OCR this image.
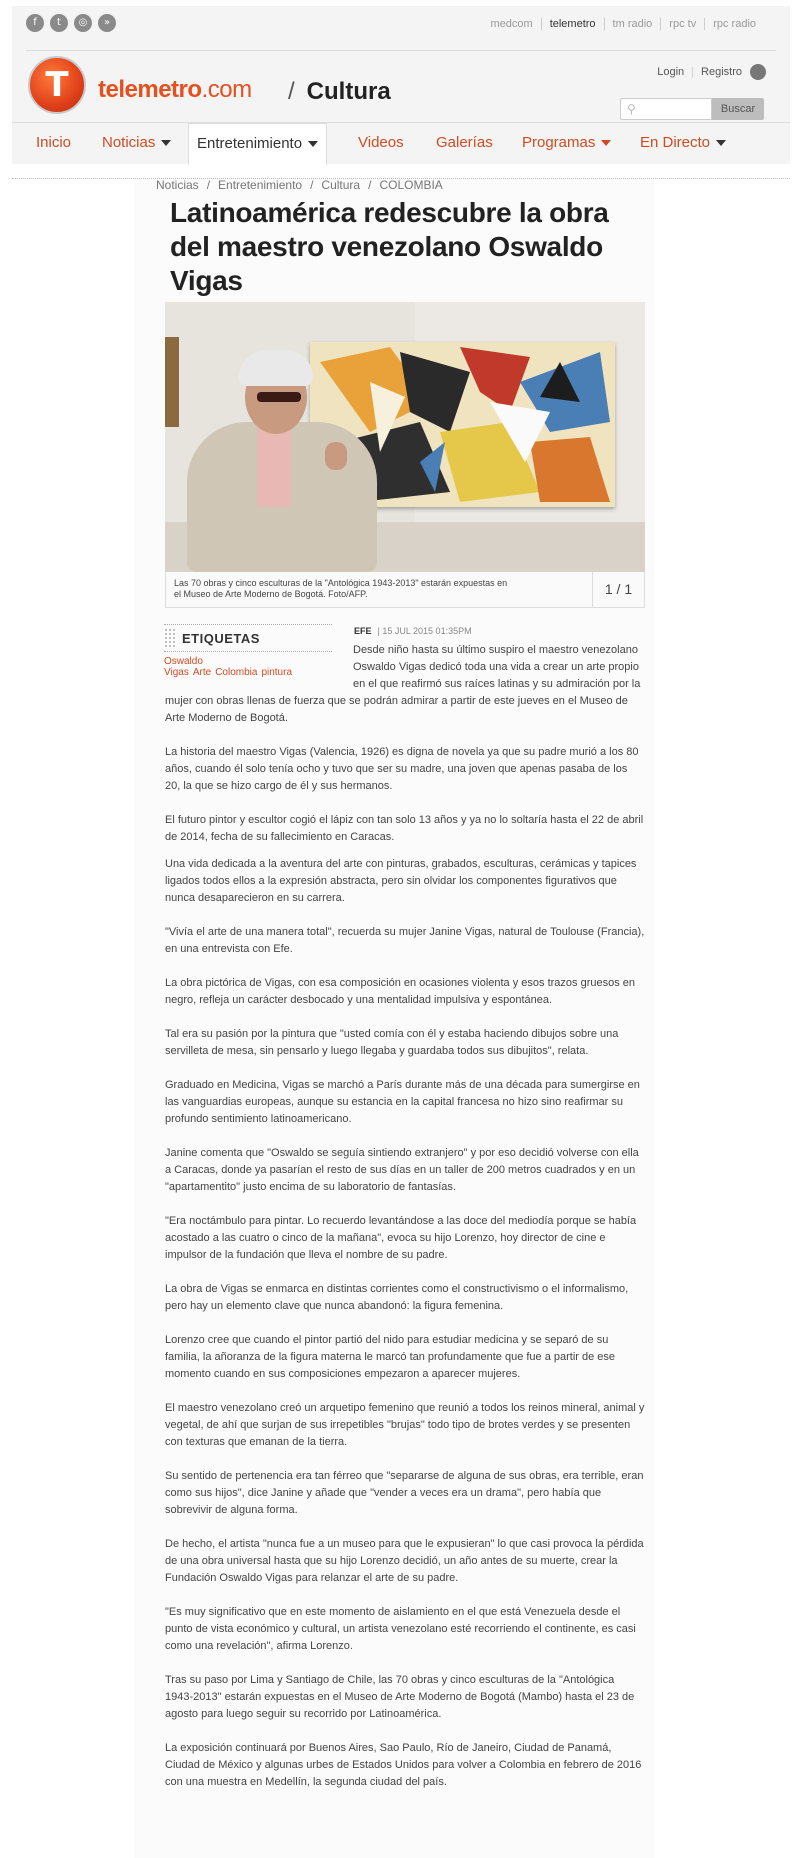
f	t	◎	»	medcom	telemetro	tm radio	rpc tv	rpc radio
T	telemetro.com / Cultura
Login | Registro
⚲	Buscar
Inicio Noticias	Entretenimiento	Videos Galerías Programas	En Directo
Noticias / Entretenimiento / Cultura / COLOMBIA
Latinoamérica redescubre la obra del maestro venezolano Oswaldo Vigas
Las 70 obras y cinco esculturas de la "Antológica 1943-2013" estarán expuestas en el Museo de Arte Moderno de Bogotá. Foto/AFP.	1 / 1
ETIQUETAS
Oswaldo Vigas Arte Colombia pintura
EFE | 15 JUL 2015 01:35PM

Desde niño hasta su último suspiro el maestro venezolano Oswaldo Vigas dedicó toda una vida a crear un arte propio en el que reafirmó sus raíces latinas y su admiración por la mujer con obras llenas de fuerza que se podrán admirar a partir de este jueves en el Museo de Arte Moderno de Bogotá.

La historia del maestro Vigas (Valencia, 1926) es digna de novela ya que su padre murió a los 80 años, cuando él solo tenía ocho y tuvo que ser su madre, una joven que apenas pasaba de los 20, la que se hizo cargo de él y sus hermanos.

El futuro pintor y escultor cogió el lápiz con tan solo 13 años y ya no lo soltaría hasta el 22 de abril de 2014, fecha de su fallecimiento en Caracas.

Una vida dedicada a la aventura del arte con pinturas, grabados, esculturas, cerámicas y tapices ligados todos ellos a la expresión abstracta, pero sin olvidar los componentes figurativos que nunca desaparecieron en su carrera.

"Vivía el arte de una manera total", recuerda su mujer Janine Vigas, natural de Toulouse (Francia), en una entrevista con Efe.

La obra pictórica de Vigas, con esa composición en ocasiones violenta y esos trazos gruesos en negro, refleja un carácter desbocado y una mentalidad impulsiva y espontánea.

Tal era su pasión por la pintura que "usted comía con él y estaba haciendo dibujos sobre una servilleta de mesa, sin pensarlo y luego llegaba y guardaba todos sus dibujitos", relata.

Graduado en Medicina, Vigas se marchó a París durante más de una década para sumergirse en las vanguardias europeas, aunque su estancia en la capital francesa no hizo sino reafirmar su profundo sentimiento latinoamericano.

Janine comenta que "Oswaldo se seguía sintiendo extranjero" y por eso decidió volverse con ella a Caracas, donde ya pasarían el resto de sus días en un taller de 200 metros cuadrados y en un "apartamentito" justo encima de su laboratorio de fantasías.

"Era noctámbulo para pintar. Lo recuerdo levantándose a las doce del mediodía porque se había acostado a las cuatro o cinco de la mañana", evoca su hijo Lorenzo, hoy director de cine e impulsor de la fundación que lleva el nombre de su padre.

La obra de Vigas se enmarca en distintas corrientes como el constructivismo o el informalismo, pero hay un elemento clave que nunca abandonó: la figura femenina.

Lorenzo cree que cuando el pintor partió del nido para estudiar medicina y se separó de su familia, la añoranza de la figura materna le marcó tan profundamente que fue a partir de ese momento cuando en sus composiciones empezaron a aparecer mujeres.

El maestro venezolano creó un arquetipo femenino que reunió a todos los reinos mineral, animal y vegetal, de ahí que surjan de sus irrepetibles "brujas" todo tipo de brotes verdes y se presenten con texturas que emanan de la tierra.

Su sentido de pertenencia era tan férreo que "separarse de alguna de sus obras, era terrible, eran como sus hijos", dice Janine y añade que "vender a veces era un drama", pero había que sobrevivir de alguna forma.

De hecho, el artista "nunca fue a un museo para que le expusieran" lo que casi provoca la pérdida de una obra universal hasta que su hijo Lorenzo decidió, un año antes de su muerte, crear la Fundación Oswaldo Vigas para relanzar el arte de su padre.

"Es muy significativo que en este momento de aislamiento en el que está Venezuela desde el punto de vista económico y cultural, un artista venezolano esté recorriendo el continente, es casi como una revelación", afirma Lorenzo.

Tras su paso por Lima y Santiago de Chile, las 70 obras y cinco esculturas de la "Antológica 1943-2013" estarán expuestas en el Museo de Arte Moderno de Bogotá (Mambo) hasta el 23 de agosto para luego seguir su recorrido por Latinoamérica.

La exposición continuará por Buenos Aires, Sao Paulo, Río de Janeiro, Ciudad de Panamá, Ciudad de México y algunas urbes de Estados Unidos para volver a Colombia en febrero de 2016 con una muestra en Medellín, la segunda ciudad del país.
